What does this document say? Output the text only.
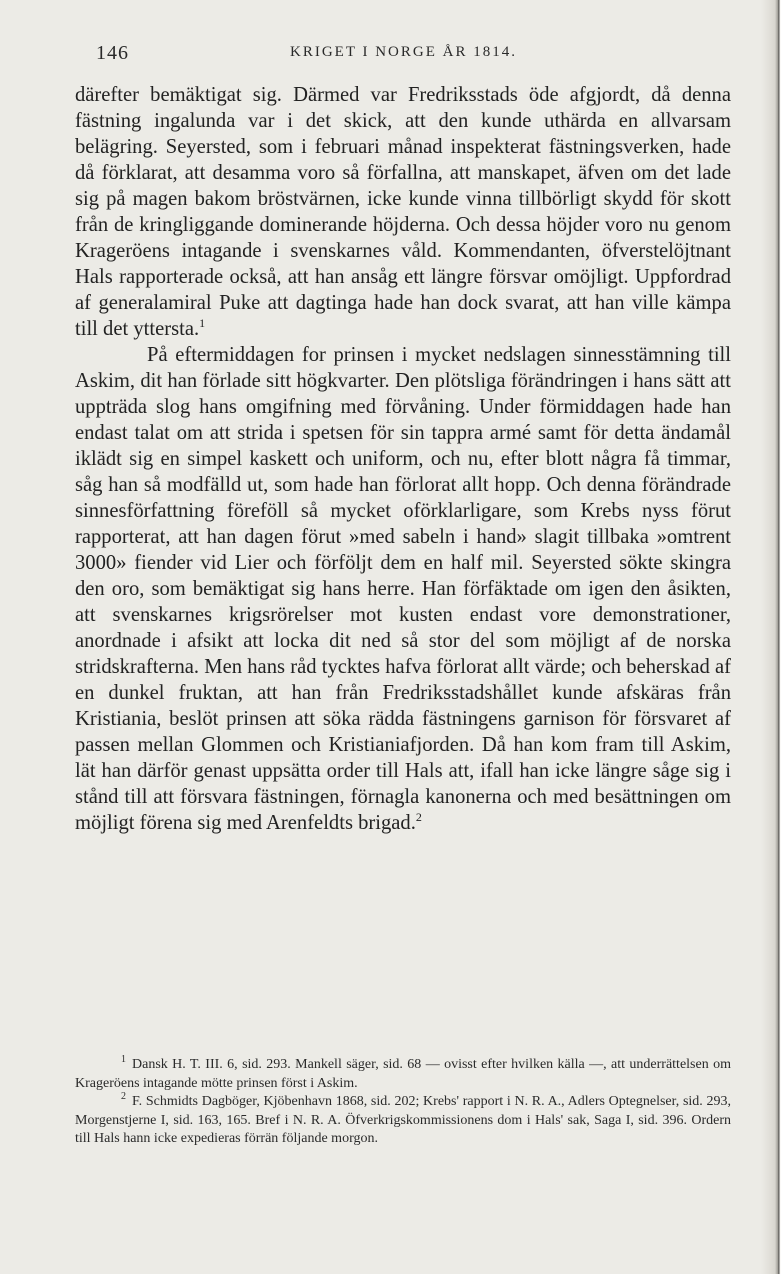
146	KRIGET I NORGE ÅR 1814.

därefter bemäktigat sig. Därmed var Fredriksstads öde afgjordt, då denna fästning ingalunda var i det skick, att den kunde uthärda en allvarsam belägring. Seyersted, som i februari månad inspekterat fästningsverken, hade då förklarat, att desamma voro så förfallna, att manskapet, äfven om det lade sig på magen bakom bröstvärnen, icke kunde vinna tillbörligt skydd för skott från de kringliggande dominerande höjderna. Och dessa höjder voro nu genom Krageröens intagande i svenskarnes våld. Kommendanten, öfverstelöjtnant Hals rapporterade också, att han ansåg ett längre försvar omöjligt. Uppfordrad af generalamiral Puke att dagtinga hade han dock svarat, att han ville kämpa till det yttersta.$^1$

På eftermiddagen for prinsen i mycket nedslagen sinnesstämning till Askim, dit han förlade sitt högkvarter. Den plötsliga förändringen i hans sätt att uppträda slog hans omgifning med förvåning. Under förmiddagen hade han endast talat om att strida i spetsen för sin tappra armé samt för detta ändamål iklädt sig en simpel kaskett och uniform, och nu, efter blott några få timmar, såg han så modfälld ut, som hade han förlorat allt hopp. Och denna förändrade sinnesförfattning föreföll så mycket oförklarligare, som Krebs nyss förut rapporterat, att han dagen förut »med sabeln i hand» slagit tillbaka »omtrent 3000» fiender vid Lier och förföljt dem en half mil. Seyersted sökte skingra den oro, som bemäktigat sig hans herre. Han förfäktade om igen den åsikten, att svenskarnes krigsrörelser mot kusten endast vore demonstrationer, anordnade i afsikt att locka dit ned så stor del som möjligt af de norska stridskrafterna. Men hans råd tycktes hafva förlorat allt värde; och beherskad af en dunkel fruktan, att han från Fredriksstadshållet kunde afskäras från Kristiania, beslöt prinsen att söka rädda fästningens garnison för försvaret af passen mellan Glommen och Kristianiafjorden. Då han kom fram till Askim, lät han därför genast uppsätta order till Hals att, ifall han icke längre såge sig i stånd till att försvara fästningen, förnagla kanonerna och med besättningen om möjligt förena sig med Arenfeldts brigad.$^2$

$^1$ Dansk H. T. III. 6, sid. 293. Mankell säger, sid. 68 — ovisst efter hvilken källa —, att underrättelsen om Krageröens intagande mötte prinsen först i Askim.

$^2$ F. Schmidts Dagböger, Kjöbenhavn 1868, sid. 202; Krebs' rapport i N. R. A., Adlers Optegnelser, sid. 293, Morgenstjerne I, sid. 163, 165. Bref i N. R. A. Öfverkrigskommissionens dom i Hals' sak, Saga I, sid. 396. Ordern till Hals hann icke expedieras förrän följande morgon.
